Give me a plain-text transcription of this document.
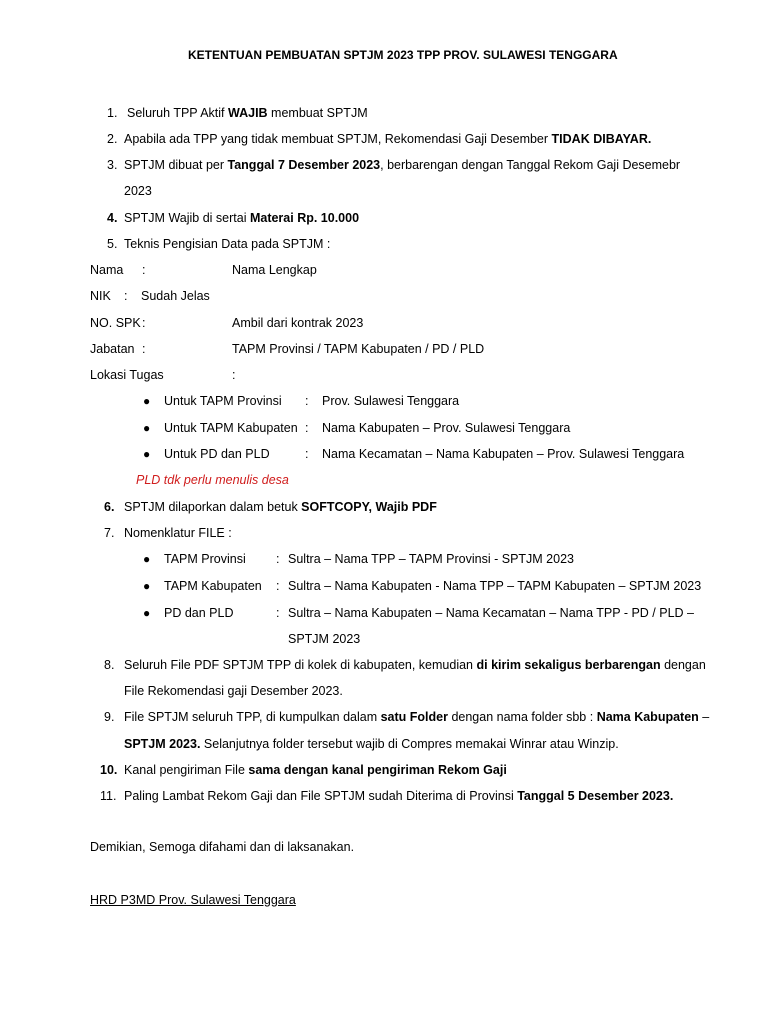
KETENTUAN PEMBUATAN SPTJM 2023 TPP PROV. SULAWESI TENGGARA
1. Seluruh TPP Aktif WAJIB membuat SPTJM
2. Apabila ada TPP yang tidak membuat SPTJM, Rekomendasi Gaji Desember TIDAK DIBAYAR.
3. SPTJM dibuat per Tanggal 7 Desember 2023, berbarengan dengan Tanggal Rekom Gaji Desemebr
2023
4. SPTJM Wajib di sertai Materai Rp. 10.000
5. Teknis Pengisian Data pada SPTJM :
Nama :	Nama Lengkap
NIK : Sudah Jelas
NO. SPK :	Ambil dari kontrak 2023
Jabatan :	TAPM Provinsi / TAPM Kabupaten / PD / PLD
Lokasi Tugas	:
● Untuk TAPM Provinsi : Prov. Sulawesi Tenggara
● Untuk TAPM Kabupaten : Nama Kabupaten – Prov. Sulawesi Tenggara
● Untuk PD dan PLD	: Nama Kecamatan – Nama Kabupaten – Prov. Sulawesi Tenggara
PLD tdk perlu menulis desa
6. SPTJM dilaporkan dalam betuk SOFTCOPY, Wajib PDF
7. Nomenklatur FILE :
● TAPM Provinsi : Sultra – Nama TPP – TAPM Provinsi - SPTJM 2023
● TAPM Kabupaten : Sultra – Nama Kabupaten - Nama TPP – TAPM Kabupaten – SPTJM 2023
● PD dan PLD	: Sultra – Nama Kabupaten – Nama Kecamatan – Nama TPP - PD / PLD –
SPTJM 2023
8. Seluruh File PDF SPTJM TPP di kolek di kabupaten, kemudian di kirim sekaligus berbarengan dengan
File Rekomendasi gaji Desember 2023.
9. File SPTJM seluruh TPP, di kumpulkan dalam satu Folder dengan nama folder sbb : Nama Kabupaten –
SPTJM 2023. Selanjutnya folder tersebut wajib di Compres memakai Winrar atau Winzip.
10. Kanal pengiriman File sama dengan kanal pengiriman Rekom Gaji
11. Paling Lambat Rekom Gaji dan File SPTJM sudah Diterima di Provinsi Tanggal 5 Desember 2023.
Demikian, Semoga difahami dan di laksanakan.
HRD P3MD Prov. Sulawesi Tenggara
